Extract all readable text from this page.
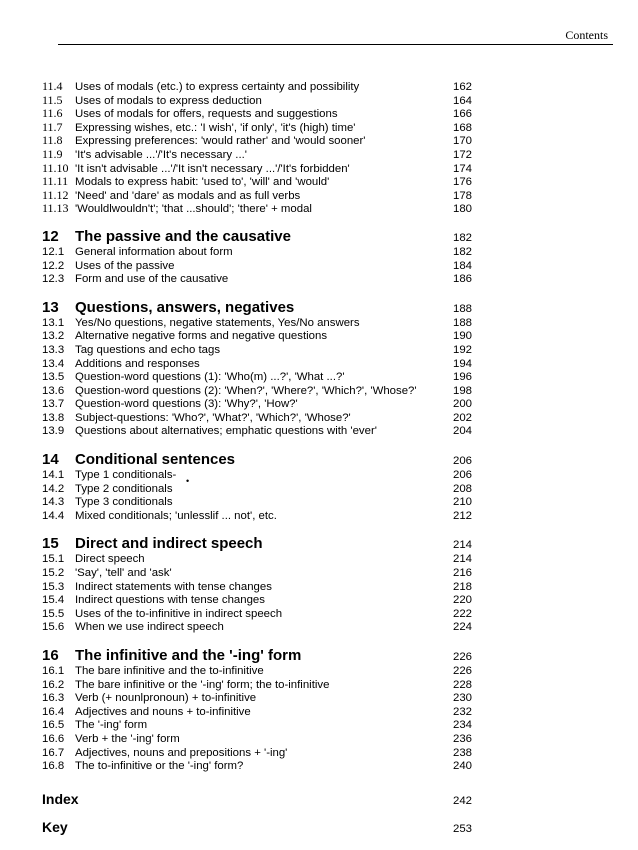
Contents
11.4	Uses of modals (etc.) to express certainty and possibility	162
11.5	Uses of modals to express deduction	164
11.6	Uses of modals for offers, requests and suggestions	166
11.7	Expressing wishes, etc.: 'I wish', 'if only', 'it's (high) time'	168
11.8	Expressing preferences: 'would rather' and 'would sooner'	170
11.9	'It's advisable ...'/'It's necessary ...'	172
11.10 'It isn't advisable ...'/'It isn't necessary ...'/'It's forbidden'	174
11.11 Modals to express habit: 'used to', 'will' and 'would'	176
11.12 'Need' and 'dare' as modals and as full verbs	178
11.13 'Wouldlwouldn't'; 'that ...should'; 'there' + modal	180
12	The passive and the causative	182
12.1 General information about form	182
12.2 Uses of the passive	184
12.3 Form and use of the causative	186
13	Questions, answers, negatives	188
13.1 Yes/No questions, negative statements, Yes/No answers	188
13.2 Alternative negative forms and negative questions	190
13.3 Tag questions and echo tags	192
13.4 Additions and responses	194
13.5 Question-word questions (1): 'Who(m) ...?', 'What ...?'	196
13.6 Question-word questions (2): 'When?', 'Where?', 'Which?', 'Whose?'	198
13.7 Question-word questions (3): 'Why?', 'How?'	200
13.8 Subject-questions: 'Who?', 'What?', 'Which?', 'Whose?'	202
13.9 Questions about alternatives; emphatic questions with 'ever'	204
14	Conditional sentences	206
14.1 Type 1 conditionals-	206
14.2 Type 2 conditionals	208
14.3 Type 3 conditionals	210
14.4 Mixed conditionals; 'unlesslif ... not', etc.	212
15	Direct and indirect speech	214
15.1 Direct speech	214
15.2 'Say', 'tell' and 'ask'	216
15.3 Indirect statements with tense changes	218
15.4 Indirect questions with tense changes	220
15.5 Uses of the to-infinitive in indirect speech	222
15.6 When we use indirect speech	224
16	The infinitive and the '-ing' form	226
16.1 The bare infinitive and the to-infinitive	226
16.2 The bare infinitive or the '-ing' form; the to-infinitive	228
16.3 Verb (+ nounlpronoun) + to-infinitive	230
16.4 Adjectives and nouns + to-infinitive	232
16.5 The '-ing' form	234
16.6 Verb + the '-ing' form	236
16.7 Adjectives, nouns and prepositions + '-ing'	238
16.8 The to-infinitive or the '-ing' form?	240
Index	242
Key	253
•
